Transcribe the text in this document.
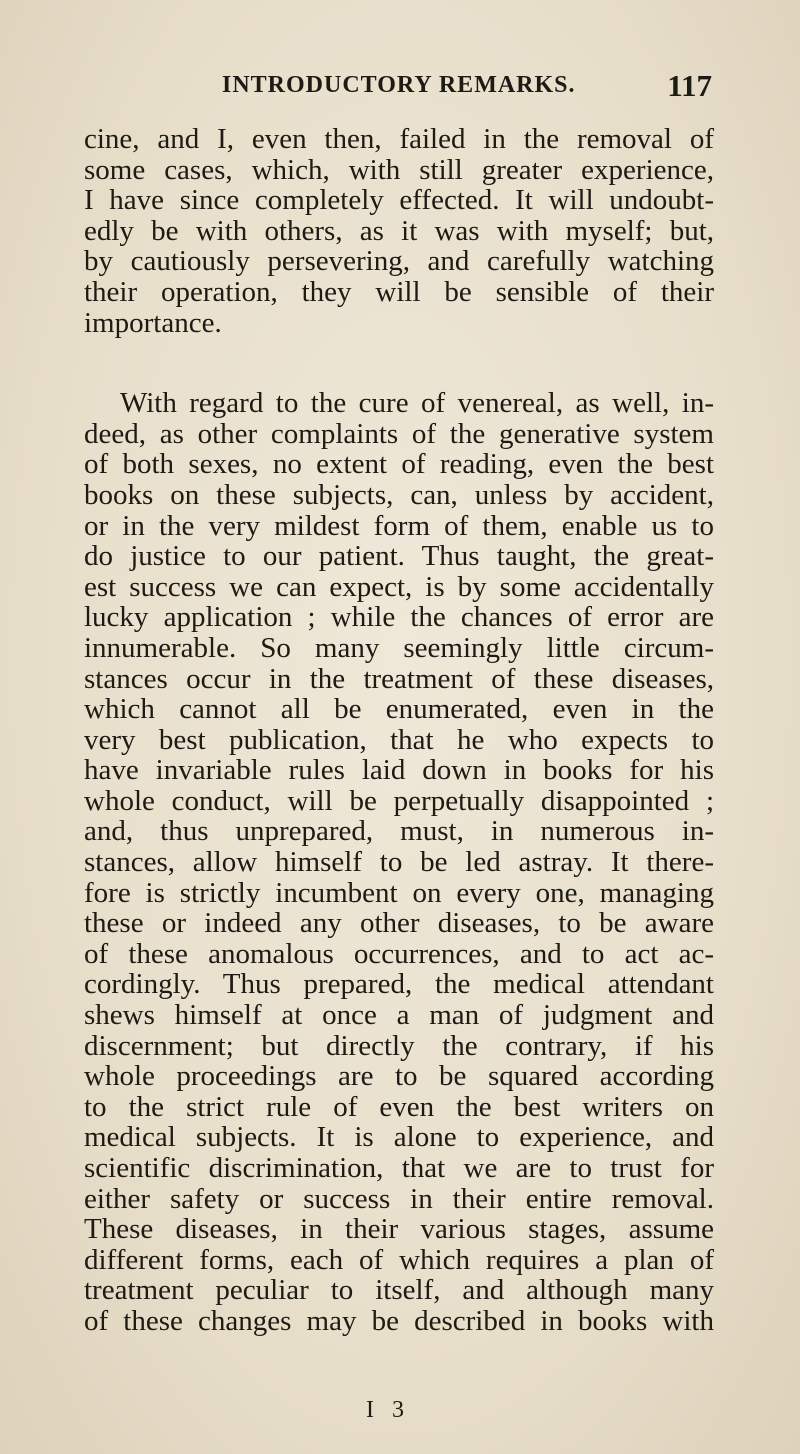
INTRODUCTORY REMARKS.	117
cine, and I, even then, failed in the removal of
some cases, which, with still greater experience,
I have since completely effected. It will undoubt-
edly be with others, as it was with myself; but,
by cautiously persevering, and carefully watching
their operation, they will be sensible of their
importance.
With regard to the cure of venereal, as well, in-
deed, as other complaints of the generative system
of both sexes, no extent of reading, even the best
books on these subjects, can, unless by accident,
or in the very mildest form of them, enable us to
do justice to our patient. Thus taught, the great-
est success we can expect, is by some accidentally
lucky application ; while the chances of error are
innumerable. So many seemingly little circum-
stances occur in the treatment of these diseases,
which cannot all be enumerated, even in the
very best publication, that he who expects to
have invariable rules laid down in books for his
whole conduct, will be perpetually disappointed ;
and, thus unprepared, must, in numerous in-
stances, allow himself to be led astray. It there-
fore is strictly incumbent on every one, managing
these or indeed any other diseases, to be aware
of these anomalous occurrences, and to act ac-
cordingly. Thus prepared, the medical attendant
shews himself at once a man of judgment and
discernment; but directly the contrary, if his
whole proceedings are to be squared according
to the strict rule of even the best writers on
medical subjects. It is alone to experience, and
scientific discrimination, that we are to trust for
either safety or success in their entire removal.
These diseases, in their various stages, assume
different forms, each of which requires a plan of
treatment peculiar to itself, and although many
of these changes may be described in books with
I 3
